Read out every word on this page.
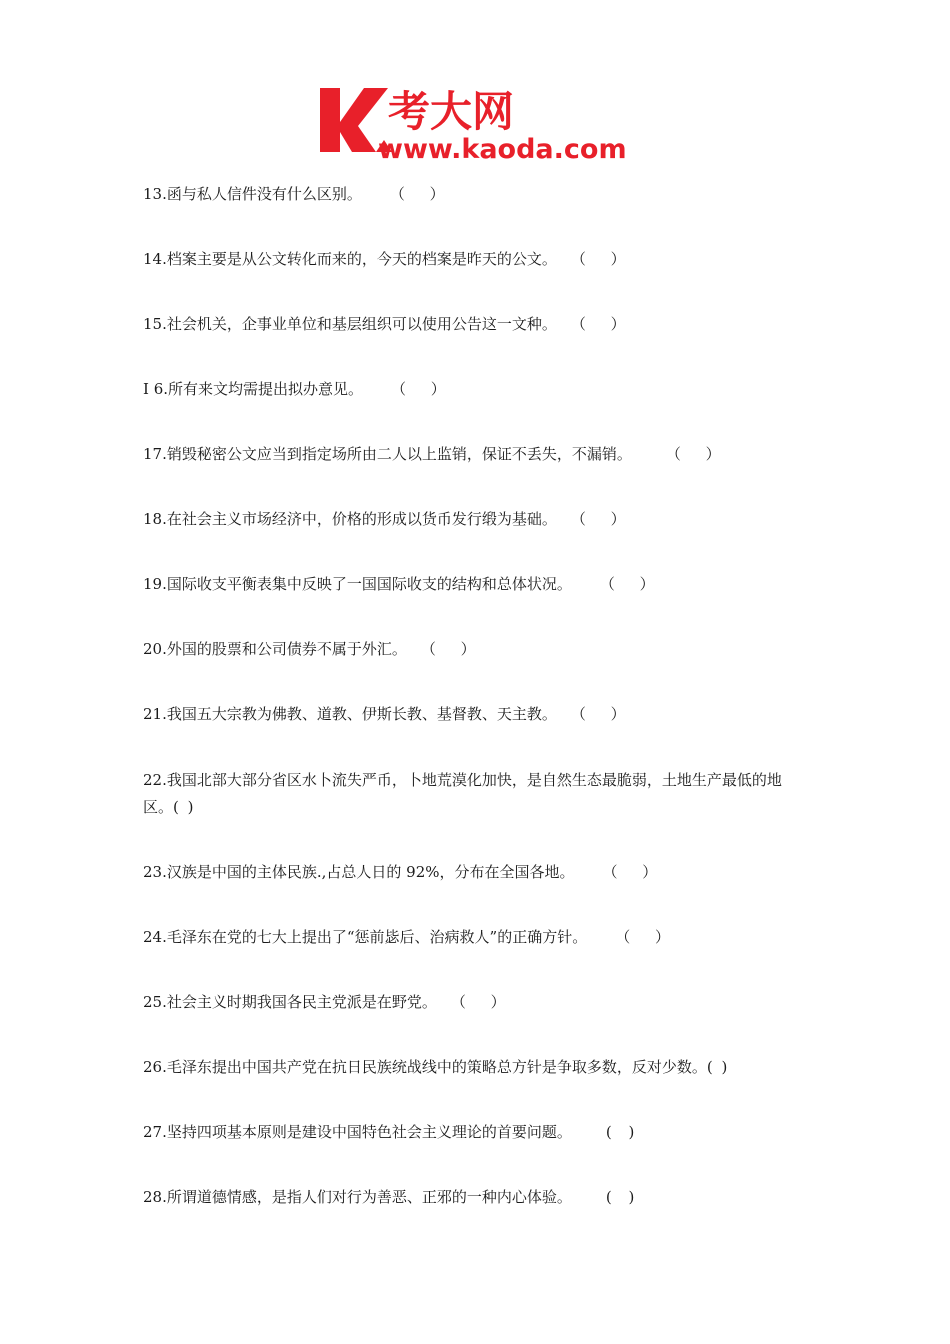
考大网
www.kaoda.com
13.函与私人信件没有什么区别。 （ ）
14.档案主要是从公文转化而来的，今天的档案是昨天的公文。 （ ）
15.社会机关，企事业单位和基层组织可以使用公告这一文种。 （ ）
I 6.所有来文均需提出拟办意见。 （ ）
17.销毁秘密公文应当到指定场所由二人以上监销，保证不丢失，不漏销。 （ ）
18.在社会主义市场经济中，价格的形成以货币发行缎为基础。 （ ）
19.国际收支平衡表集中反映了一国国际收支的结构和总体状况。 （ ）
20.外国的股票和公司债券不属于外汇。 （ ）
21.我国五大宗教为佛教、道教、伊斯长教、基督教、天主教。 （ ）
22.我国北部大部分省区水卜流失严币，卜地荒漠化加快，是自然生态最脆弱，土地生产最低的地区。( )
23.汉族是中国的主体民族.,占总人日的 92%，分布在全国各地。 （ ）
24.毛泽东在党的七大上提出了“惩前毖后、治病救人”的正确方针。 （ ）
25.社会主义时期我国各民主党派是在野党。 （ ）
26.毛泽东提出中国共产党在抗日民族统战线中的策略总方针是争取多数，反对少数。( )
27.坚持四项基本原则是建设中国特色社会主义理论的首要问题。 ( )
28.所谓道德情感，是指人们对行为善恶、正邪的一种内心体验。 ( )
